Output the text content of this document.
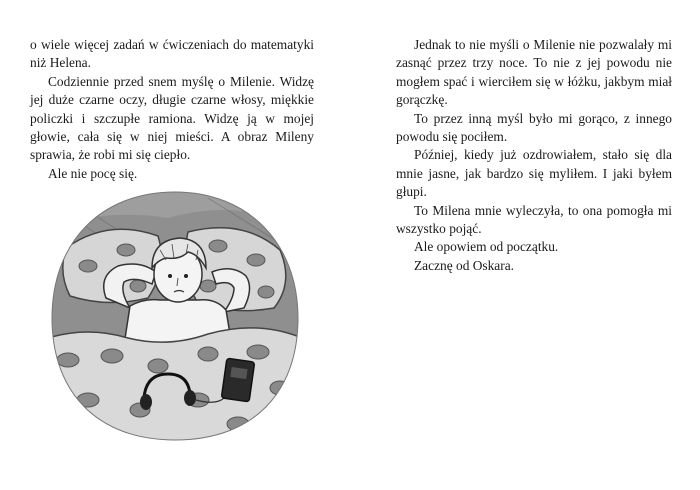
o wiele więcej zadań w ćwiczeniach do matematyki niż Helena.

Codziennie przed snem myślę o Milenie. Widzę jej duże czarne oczy, długie czarne włosy, miękkie policzki i szczupłe ramiona. Widzę ją w mojej głowie, cała się w niej mieści. A obraz Mileny sprawia, że robi mi się ciepło.

Ale nie poсę się.

Jednak to nie myśli o Milenie nie pozwalały mi zasnąć przez trzy noce. To nie z jej powodu nie mogłem spać i wierciłem się w łóżku, jakbym miał gorączkę.

To przez inną myśl było mi gorąco, z innego powodu się pociłem.

Później, kiedy już ozdrowiałem, stało się dla mnie jasne, jak bardzo się myliłem. I jaki byłem głupi.

To Milena mnie wyleczyła, to ona pomogła mi wszystko pojąć.

Ale opowiem od początku.

Zacznę od Oskara.
